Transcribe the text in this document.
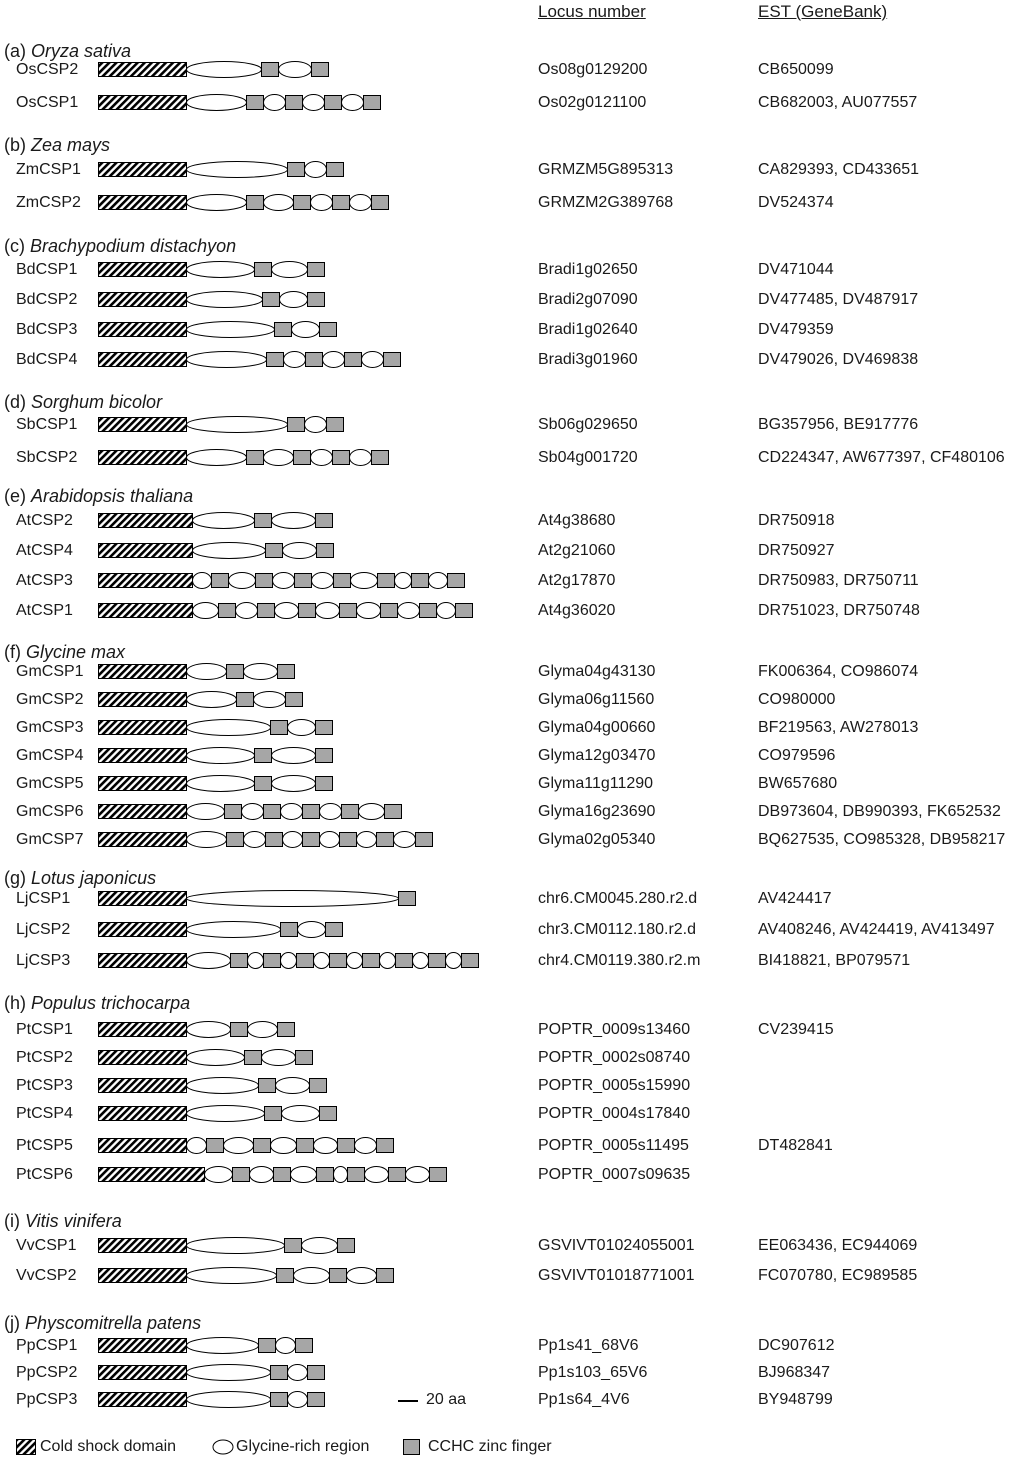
Locus number	EST (GeneBank)
(a) Oryza sativa
OsCSP2	Os08g0129200	CB650099
OsCSP1	Os02g0121100	CB682003, AU077557
(b) Zea mays
ZmCSP1	GRMZM5G895313	CA829393, CD433651
ZmCSP2	GRMZM2G389768	DV524374
(c) Brachypodium distachyon
BdCSP1	Bradi1g02650	DV471044
BdCSP2	Bradi2g07090	DV477485, DV487917
BdCSP3	Bradi1g02640	DV479359
BdCSP4	Bradi3g01960	DV479026, DV469838
(d) Sorghum bicolor
SbCSP1	Sb06g029650	BG357956, BE917776
SbCSP2	Sb04g001720	CD224347, AW677397, CF480106
(e) Arabidopsis thaliana
AtCSP2	At4g38680	DR750918
AtCSP4	At2g21060	DR750927
AtCSP3	At2g17870	DR750983, DR750711
AtCSP1	At4g36020	DR751023, DR750748
(f) Glycine max
GmCSP1	Glyma04g43130	FK006364, CO986074
GmCSP2	Glyma06g11560	CO980000
GmCSP3	Glyma04g00660	BF219563, AW278013
GmCSP4	Glyma12g03470	CO979596
GmCSP5	Glyma11g11290	BW657680
GmCSP6	Glyma16g23690	DB973604, DB990393, FK652532
GmCSP7	Glyma02g05340	BQ627535, CO985328, DB958217
(g) Lotus japonicus
LjCSP1	chr6.CM0045.280.r2.d	AV424417
LjCSP2	chr3.CM0112.180.r2.d	AV408246, AV424419, AV413497
LjCSP3	chr4.CM0119.380.r2.m	BI418821, BP079571
(h) Populus trichocarpa
PtCSP1	POPTR_0009s13460	CV239415
PtCSP2	POPTR_0002s08740
PtCSP3	POPTR_0005s15990
PtCSP4	POPTR_0004s17840
PtCSP5	POPTR_0005s11495	DT482841
PtCSP6	POPTR_0007s09635
(i) Vitis vinifera
VvCSP1	GSVIVT01024055001	EE063436, EC944069
VvCSP2	GSVIVT01018771001	FC070780, EC989585
(j) Physcomitrella patens
PpCSP1	Pp1s41_68V6	DC907612
PpCSP2	Pp1s103_65V6	BJ968347
PpCSP3	Pp1s64_4V6	BY948799
20 aa
Cold shock domain	Glycine-rich region	CCHC zinc finger
